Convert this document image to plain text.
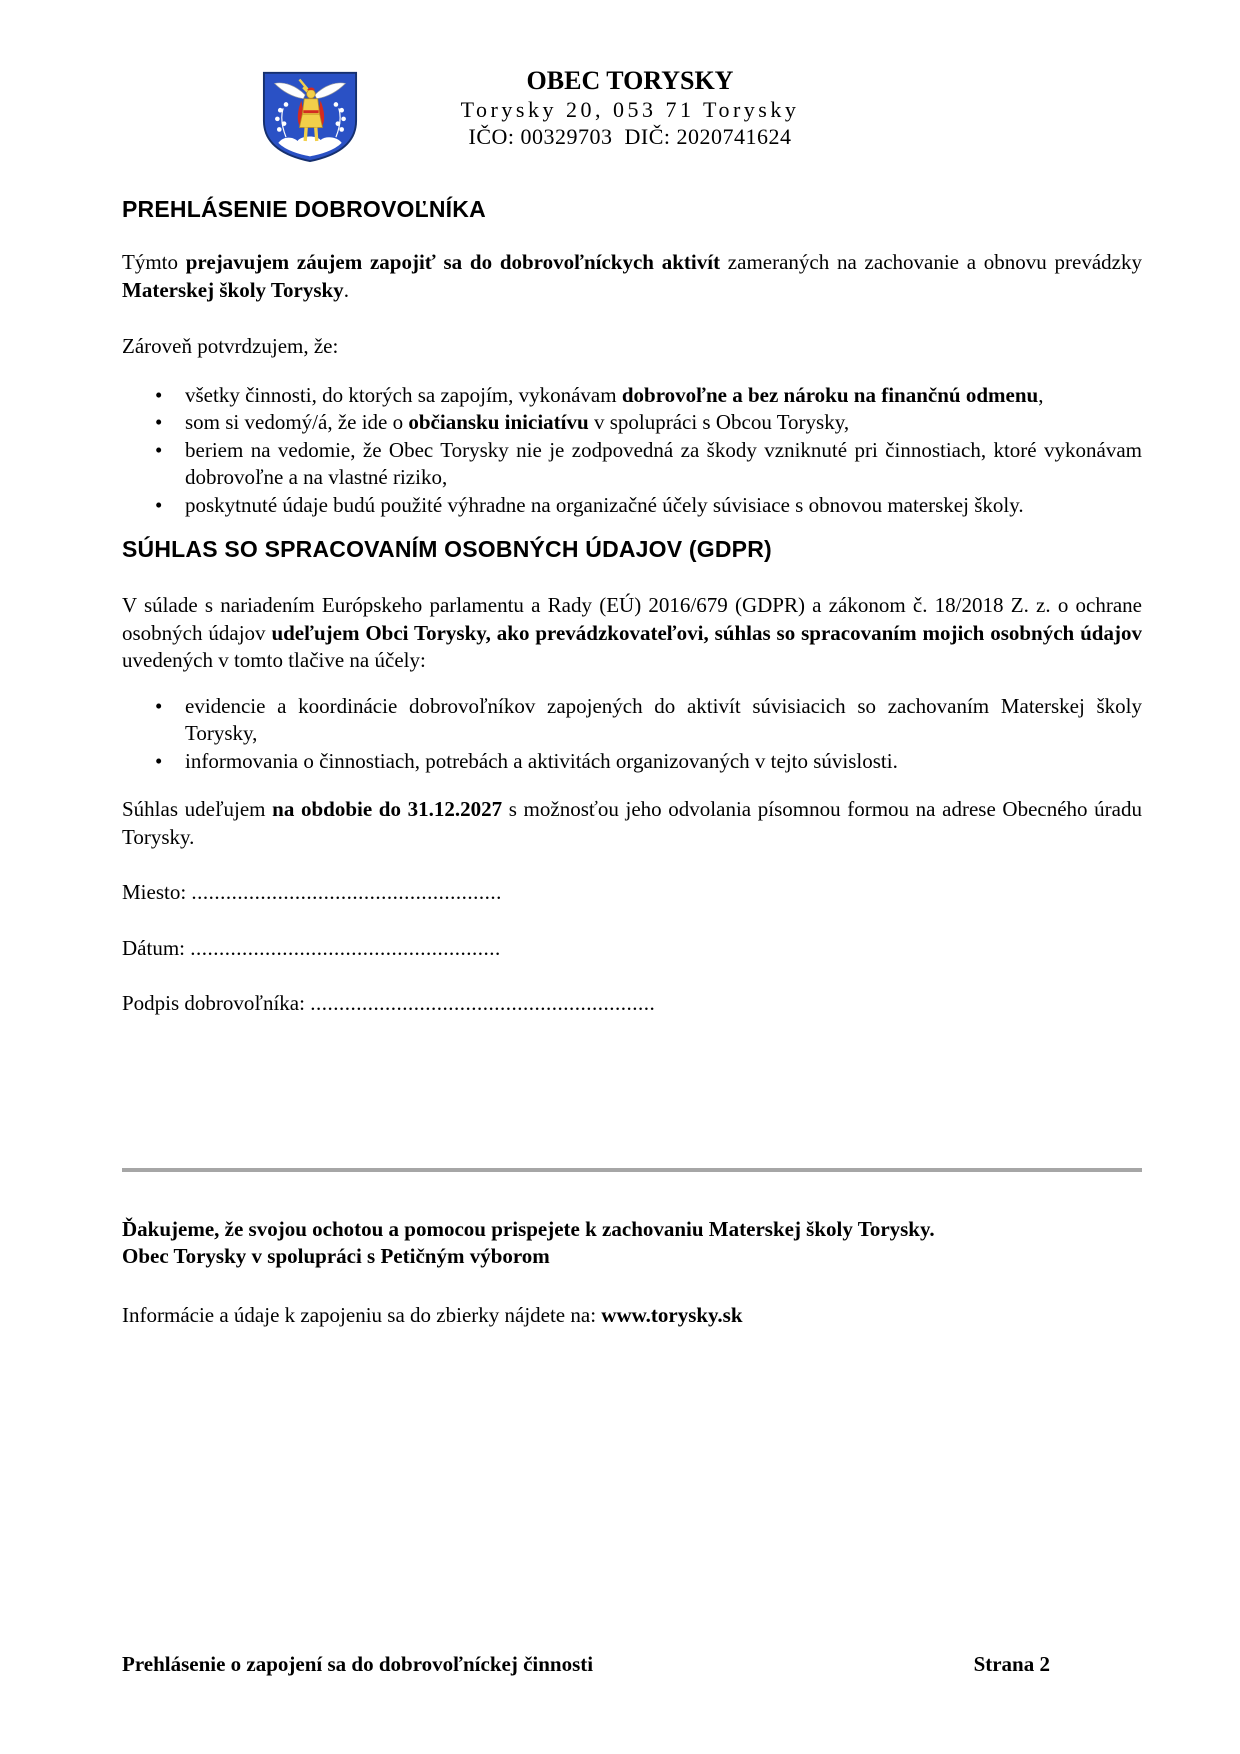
OBEC TORYSKY
Torysky 20, 053 71 Torysky
IČO: 00329703  DIČ: 2020741624
PREHLÁSENIE DOBROVOĽNÍKA

Týmto prejavujem záujem zapojiť sa do dobrovoľníckych aktivít zameraných na zachovanie a obnovu prevádzky Materskej školy Torysky.

Zároveň potvrdzujem, že:

• všetky činnosti, do ktorých sa zapojím, vykonávam dobrovoľne a bez nároku na finančnú odmenu,
• som si vedomý/á, že ide o občiansku iniciatívu v spolupráci s Obcou Torysky,
• beriem na vedomie, že Obec Torysky nie je zodpovedná za škody vzniknuté pri činnostiach, ktoré vykonávam dobrovoľne a na vlastné riziko,
• poskytnuté údaje budú použité výhradne na organizačné účely súvisiace s obnovou materskej školy.
SÚHLAS SO SPRACOVANÍM OSOBNÝCH ÚDAJOV (GDPR)

V súlade s nariadením Európskeho parlamentu a Rady (EÚ) 2016/679 (GDPR) a zákonom č. 18/2018 Z. z. o ochrane osobných údajov udeľujem Obci Torysky, ako prevádzkovateľovi, súhlas so spracovaním mojich osobných údajov uvedených v tomto tlačive na účely:

• evidencie a koordinácie dobrovoľníkov zapojených do aktivít súvisiacich so zachovaním Materskej školy Torysky,
• informovania o činnostiach, potrebách a aktivitách organizovaných v tejto súvislosti.

Súhlas udeľujem na obdobie do 31.12.2027 s možnosťou jeho odvolania písomnou formou na adrese Obecného úradu Torysky.

Miesto: ......................................................

Dátum: ......................................................

Podpis dobrovoľníka: ............................................................

Ďakujeme, že svojou ochotou a pomocou prispejete k zachovaniu Materskej školy Torysky.
Obec Torysky v spolupráci s Petičným výborom

Informácie a údaje k zapojeniu sa do zbierky nájdete na: www.torysky.sk

Prehlásenie o zapojení sa do dobrovoľníckej činnosti	Strana 2
